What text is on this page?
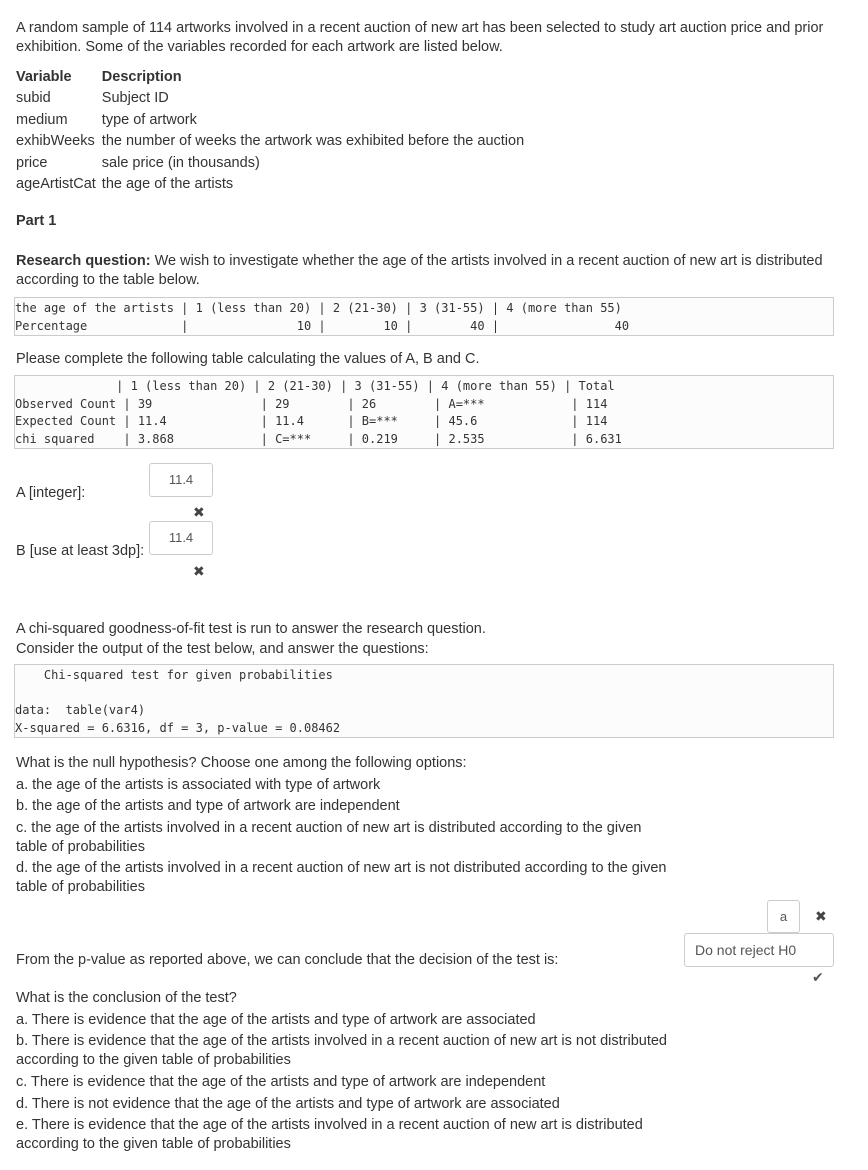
A random sample of 114 artworks involved in a recent auction of new art has been selected to study art auction price and prior exhibition. Some of the variables recorded for each artwork are listed below.

Variable	Description
subid	Subject ID
medium	type of artwork
exhibWeeks	the number of weeks the artwork was exhibited before the auction
price	sale price (in thousands)
ageArtistCat	the age of the artists

Part 1

Research question: We wish to investigate whether the age of the artists involved in a recent auction of new art is distributed according to the table below.

the age of the artists | 1 (less than 20) | 2 (21-30) | 3 (31-55) | 4 (more than 55)
Percentage             |               10 |        10 |        40 |                40

Please complete the following table calculating the values of A, B and C.

| 1 (less than 20) | 2 (21-30) | 3 (31-55) | 4 (more than 55) | Total
Observed Count | 39               | 29        | 26        | A=***            | 114
Expected Count | 11.4             | 11.4      | B=***     | 45.6             | 114
chi squared    | 3.868            | C=***     | 0.219     | 2.535            | 6.631

A [integer]:

11.4
✖

B [use at least 3dp]:

11.4
✖

A chi-squared goodness-of-fit test is run to answer the research question.

Consider the output of the test below, and answer the questions:

Chi-squared test for given probabilities

data:  table(var4)
X-squared = 6.6316, df = 3, p-value = 0.08462

What is the null hypothesis? Choose one among the following options:

a. the age of the artists is associated with type of artwork

b. the age of the artists and type of artwork are independent

c. the age of the artists involved in a recent auction of new art is distributed according to the given table of probabilities

d. the age of the artists involved in a recent auction of new art is not distributed according to the given table of probabilities

a	✖

From the p-value as reported above, we can conclude that the decision of the test is:

Do not reject H0
✔

What is the conclusion of the test?

a. There is evidence that the age of the artists and type of artwork are associated

b. There is evidence that the age of the artists involved in a recent auction of new art is not distributed according to the given table of probabilities

c. There is evidence that the age of the artists and type of artwork are independent

d. There is not evidence that the age of the artists and type of artwork are associated

e. There is evidence that the age of the artists involved in a recent auction of new art is distributed according to the given table of probabilities
